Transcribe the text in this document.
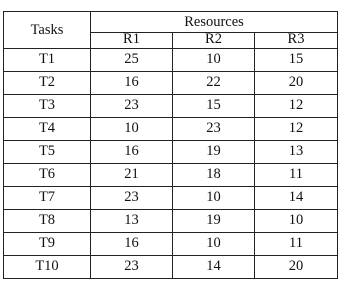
Tasks	Resources		
	R1	R2	R3
T1	25	10	15
T2	16	22	20
T3	23	15	12
T4	10	23	12
T5	16	19	13
T6	21	18	11
T7	23	10	14
T8	13	19	10
T9	16	10	11
T10	23	14	20
